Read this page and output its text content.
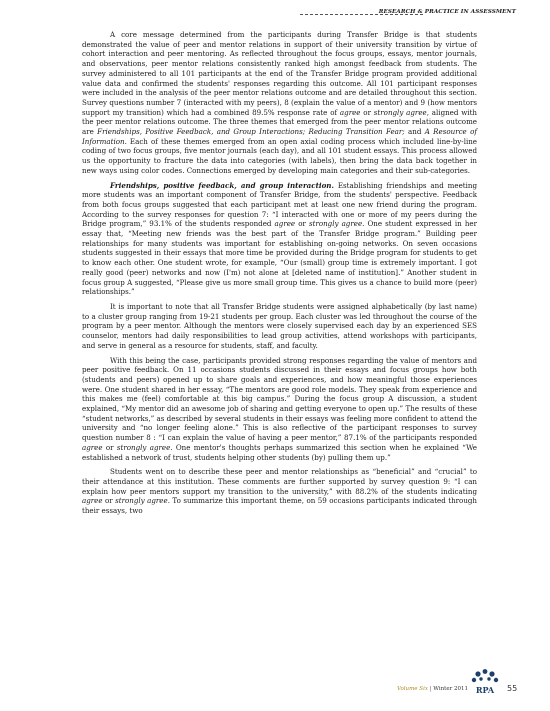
RESEARCH & PRACTICE IN ASSESSMENT

A core message determined from the participants during Transfer Bridge is that students demonstrated the value of peer and mentor relations in support of their university transition by virtue of cohort interaction and peer mentoring. As reflected throughout the focus groups, essays, mentor journals, and observations, peer mentor relations consistently ranked high amongst feedback from students. The survey administered to all 101 participants at the end of the Transfer Bridge program provided additional value data and confirmed the students' responses regarding this outcome. All 101 participant responses were included in the analysis of the peer mentor relations outcome and are detailed throughout this section. Survey questions number 7 (interacted with my peers), 8 (explain the value of a mentor) and 9 (how mentors support my transition) which had a combined 89.5% response rate of agree or strongly agree, aligned with the peer mentor relations outcome. The three themes that emerged from the peer mentor relations outcome are Friendships, Positive Feedback, and Group Interactions; Reducing Transition Fear; and A Resource of Information. Each of these themes emerged from an open axial coding process which included line-by-line coding of two focus groups, five mentor journals (each day), and all 101 student essays. This process allowed us the opportunity to fracture the data into categories (with labels), then bring the data back together in new ways using color codes. Connections emerged by developing main categories and their sub-categories.

Friendships, positive feedback, and group interaction. Establishing friendships and meeting more students was an important component of Transfer Bridge, from the students' perspective. Feedback from both focus groups suggested that each participant met at least one new friend during the program. According to the survey responses for question 7: “I interacted with one or more of my peers during the Bridge program,” 93.1% of the students responded agree or strongly agree. One student expressed in her essay that, “Meeting new friends was the best part of the Transfer Bridge program.” Building peer relationships for many students was important for establishing on-going networks. On seven occasions students suggested in their essays that more time be provided during the Bridge program for students to get to know each other. One student wrote, for example, “Our (small) group time is extremely important. I got really good (peer) networks and now (I'm) not alone at [deleted name of institution].” Another student in focus group A suggested, “Please give us more small group time. This gives us a chance to build more (peer) relationships.”

It is important to note that all Transfer Bridge students were assigned alphabetically (by last name) to a cluster group ranging from 19-21 students per group. Each cluster was led throughout the course of the program by a peer mentor. Although the mentors were closely supervised each day by an experienced SES counselor, mentors had daily responsibilities to lead group activities, attend workshops with participants, and serve in general as a resource for students, staff, and faculty.

With this being the case, participants provided strong responses regarding the value of mentors and peer positive feedback. On 11 occasions students discussed in their essays and focus groups how both (students and peers) opened up to share goals and experiences, and how meaningful those experiences were. One student shared in her essay, “The mentors are good role models. They speak from experience and this makes me (feel) comfortable at this big campus.” During the focus group A discussion, a student explained, “My mentor did an awesome job of sharing and getting everyone to open up.” The results of these “student networks,” as described by several students in their essays was feeling more confident to attend the university and “no longer feeling alone.” This is also reflective of the participant responses to survey question number 8 : “I can explain the value of having a peer mentor,” 87.1% of the participants responded agree or strongly agree. One mentor's thoughts perhaps summarized this section when he explained “We established a network of trust, students helping other students (by) pulling them up.”

Students went on to describe these peer and mentor relationships as “beneficial” and “crucial” to their attendance at this institution. These comments are further supported by survey question 9: “I can explain how peer mentors support my transition to the university,” with 88.2% of the students indicating agree or strongly agree. To summarize this important theme, on 59 occasions participants indicated through their essays, two

Volume Six | Winter 2011 RPA 55
